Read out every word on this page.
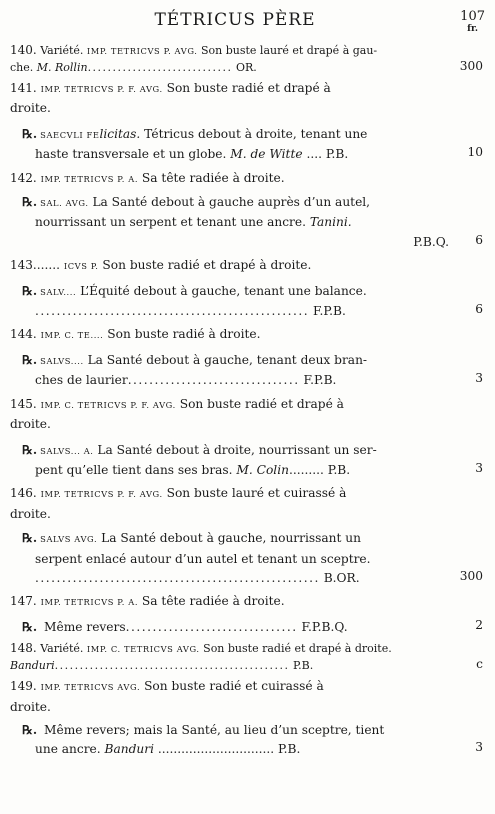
TÉTRICUS PÈRE	107
fr.
140. Variété. IMP. TETRICVS P. AVG. Son buste lauré et drapé à gau-
che. M. Rollin............................. OR.	300
141. IMP. TETRICVS P. F. AVG. Son buste radié et drapé à
droite.
℞. SAECVLI FElicitas. Tétricus debout à droite, tenant une
haste transversale et un globe. M. de Witte .... P.B.	10
142. IMP. TETRICVS P. A. Sa tête radiée à droite.
℞. SAL. AVG. La Santé debout à gauche auprès d’un autel,
nourrissant un serpent et tenant une ancre. Tanini.
P.B.Q.	6
143....... ICVS P. Son buste radié et drapé à droite.
℞. SALV.... L’Équité debout à gauche, tenant une balance.
................................................... F.P.B.	6
144. IMP. C. TE.... Son buste radié à droite.
℞. SALVS.... La Santé debout à gauche, tenant deux bran-
ches de laurier................................ F.P.B.	3
145. IMP. C. TETRICVS P. F. AVG. Son buste radié et drapé à
droite.
℞. SALVS... A. La Santé debout à droite, nourrissant un ser-
pent qu’elle tient dans ses bras. M. Colin......... P.B.	3
146. IMP. TETRICVS P. F. AVG. Son buste lauré et cuirassé à
droite.
℞. SALVS AVG. La Santé debout à gauche, nourrissant un
serpent enlacé autour d’un autel et tenant un sceptre.
..................................................... B.OR.	300
147. IMP. TETRICVS P. A. Sa tête radiée à droite.
℞. Même revers................................ F.P.B.Q.	2
148. Variété. IMP. C. TETRICVS AVG. Son buste radié et drapé à droite.
Banduri............................................... P.B.	c
149. IMP. TETRICVS AVG. Son buste radié et cuirassé à
droite.
℞. Même revers; mais la Santé, au lieu d’un sceptre, tient
une ancre. Banduri .............................. P.B.	3
